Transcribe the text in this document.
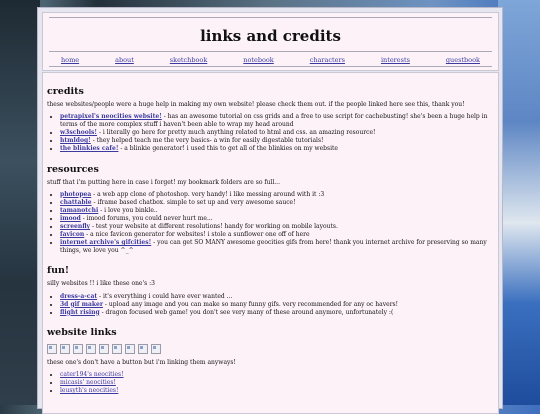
links and credits
home	about	sketchbook	notebook	characters	interests	guestbook
credits

these websites/people were a huge help in making my own website! please check them out. if the people linked here see this, thank you!

• petrapixel's neocities website! - has an awesome tutorial on css grids and a free to use script for cachebusting! she's been a huge help in terms of the more complex stuff i haven't been able to wrap my head around
• w3schools! - i literally go here for pretty much anything related to html and css. an amazing resource!
• htmldog! - they helped teach me the very basics- a win for easily digestable tutorials!
• the blinkies cafe! - a blinkie generator! i used this to get all of the blinkies on my website
resources

stuff that i'm putting here in case i forget! my bookmark folders are so full...

• photopea - a web app clone of photoshop. very handy! i like messing around with it :3
• chattable - iframe based chatbox. simple to set up and very awesome sauce!
• tamanotchi - i love you binkle..
• imood - imood forums, you could never hurt me...
• screenfly - test your website at different resolutions! handy for working on mobile layouts.
• favicon - a nice favicon generator for websites! i stole a sunflower one off of here
• internet archive's gifcities! - you can get SO MANY awesome geocities gifs from here! thank you internet archive for preserving so many things, we love you ^_^
fun!

silly websites !! i like these one's :3

• dress-a-cat - it's everything i could have ever wanted ...
• 3d gif maker - upload any image and you can make so many funny gifs. very recommended for any oc havers!
• flight rising - dragon focused web game! you don't see very many of these around anymore, unfortunately :(
website links

these one's don't have a button but i'm linking them anyways!

• cater194's neocities!
• micasis' neocities!
• leusyth's neocities!
